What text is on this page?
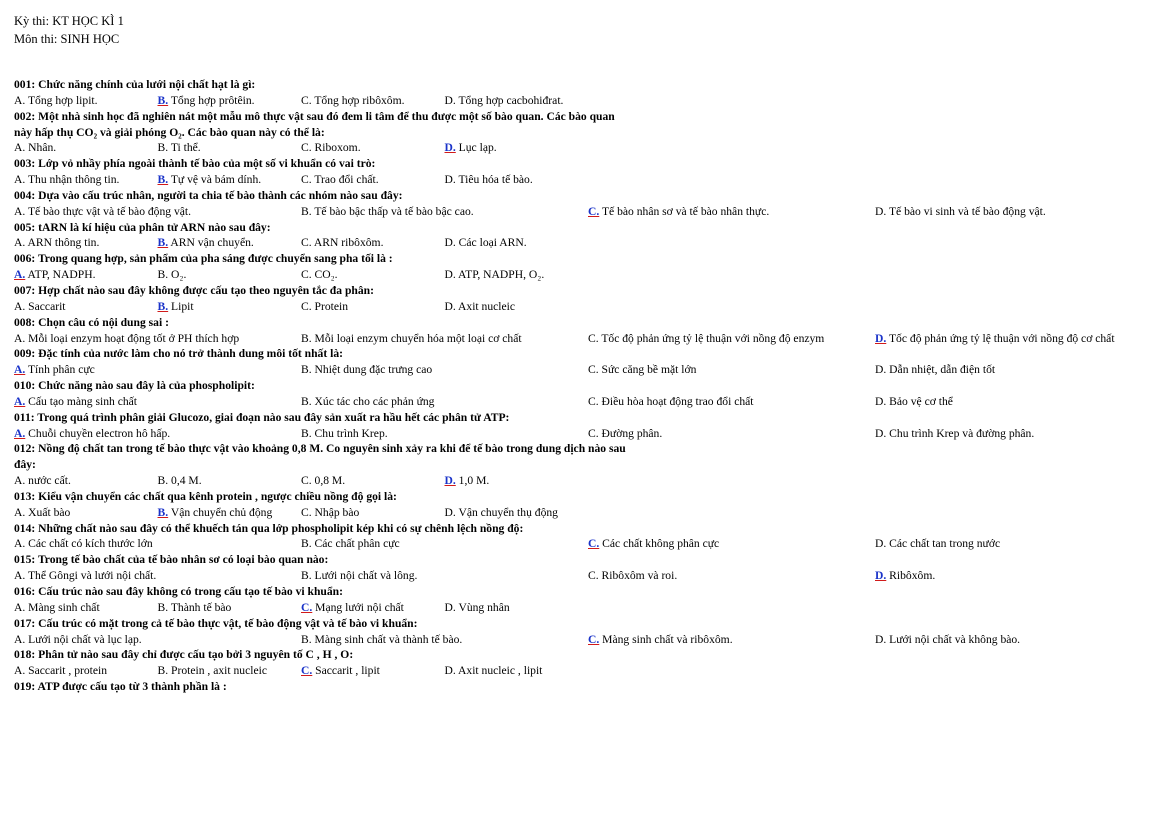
Kỳ thi: KT HỌC KÌ 1
Môn thi: SINH HỌC
001: Chức năng chính của lưới nội chất hạt là gì:
A. Tổng hợp lipit.	B. Tổng hợp prôtêin.	C. Tổng hợp ribôxôm.	D. Tổng hợp cacbohiđrat.
002: Một nhà sinh học đã nghiên nát một mẫu mô thực vật sau đó đem li tâm để thu được một số bào quan. Các bào quan này hấp thụ CO₂ và giải phóng O₂. Các bào quan này có thể là:
A. Nhân.	B. Ti thể.	C. Riboxom.	D. Lục lạp.
003: Lớp vỏ nhầy phía ngoài thành tế bào của một số vi khuẩn có vai trò:
A. Thu nhận thông tin.	B. Tự vệ và bám dính.	C. Trao đổi chất.	D. Tiêu hóa tế bào.
004: Dựa vào cấu trúc nhân, người ta chia tế bào thành các nhóm nào sau đây:
A. Tế bào thực vật và tế bào động vật.	B. Tế bào bậc thấp và tế bào bậc cao.	C. Tế bào nhân sơ và tế bào nhân thực.	D. Tế bào vi sinh và tế bào động vật.
005: tARN là kí hiệu của phân tử ARN nào sau đây:
A. ARN thông tin.	B. ARN vận chuyển.	C. ARN ribôxôm.	D. Các loại ARN.
006: Trong quang hợp, sản phẩm của pha sáng được chuyển sang pha tối là :
A. ATP, NADPH.	B. O₂.	C. CO₂.	D. ATP, NADPH, O₂.
007: Hợp chất nào sau đây không được cấu tạo theo nguyên tắc đa phân:
A. Saccarit	B. Lipit	C. Protein	D. Axit nucleic
008: Chọn câu có nội dung sai :
A. Mỗi loại enzym hoạt động tốt ở PH thích hợp	B. Mỗi loại enzym chuyển hóa một loại cơ chất	C. Tốc độ phản ứng tỷ lệ thuận với nồng độ enzym	D. Tốc độ phản ứng tỷ lệ thuận với nồng độ cơ chất
009: Đặc tính của nước làm cho nó trở thành dung môi tốt nhất là:
A. Tính phân cực	B. Nhiệt dung đặc trưng cao	C. Sức căng bề mặt lớn	D. Dẫn nhiệt, dẫn điện tốt
010: Chức năng nào sau đây là của phospholipit:
A. Cấu tạo màng sinh chất	B. Xúc tác cho các phản ứng	C. Điều hòa hoạt động trao đổi chất	D. Bảo vệ cơ thể
011: Trong quá trình phân giải Glucozo, giai đoạn nào sau đây sản xuất ra hầu hết các phân tử ATP:
A. Chuỗi chuyền electron hô hấp.	B. Chu trình Krep.	C. Đường phân.	D. Chu trình Krep và đường phân.
012: Nồng độ chất tan trong tế bào thực vật vào khoảng 0,8 M. Co nguyên sinh xảy ra khi để tế bào trong dung dịch nào sau đây:
A. nước cất.	B. 0,4 M.	C. 0,8 M.	D. 1,0 M.
013: Kiểu vận chuyển các chất qua kênh protein , ngược chiều nồng độ gọi là:
A. Xuất bào	B. Vận chuyển chủ động	C. Nhập bào	D. Vận chuyển thụ động
014: Những chất nào sau đây có thể khuếch tán qua lớp phospholipit kép khi có sự chênh lệch nồng độ:
A. Các chất có kích thước lớn	B. Các chất phân cực	C. Các chất không phân cực	D. Các chất tan trong nước
015: Trong tế bào chất của tế bào nhân sơ có loại bào quan nào:
A. Thể Gôngi và lưới nội chất.	B. Lưới nội chất và lông.	C. Ribôxôm và roi.	D. Ribôxôm.
016: Cấu trúc nào sau đây không có trong cấu tạo tế bào vi khuẩn:
A. Màng sinh chất	B. Thành tế bào	C. Mạng lưới nội chất	D. Vùng nhân
017: Cấu trúc có mặt trong cả tế bào thực vật, tế bào động vật và tế bào vi khuẩn:
A. Lưới nội chất và lục lạp.	B. Màng sinh chất và thành tế bào.	C. Màng sinh chất và ribôxôm.	D. Lưới nội chất và không bào.
018: Phân tử nào sau đây chỉ được cấu tạo bởi 3 nguyên tố C , H , O:
A. Saccarit , protein	B. Protein , axit nucleic	C. Saccarit , lipit	D. Axit nucleic , lipit
019: ATP được cấu tạo từ 3 thành phần là :
